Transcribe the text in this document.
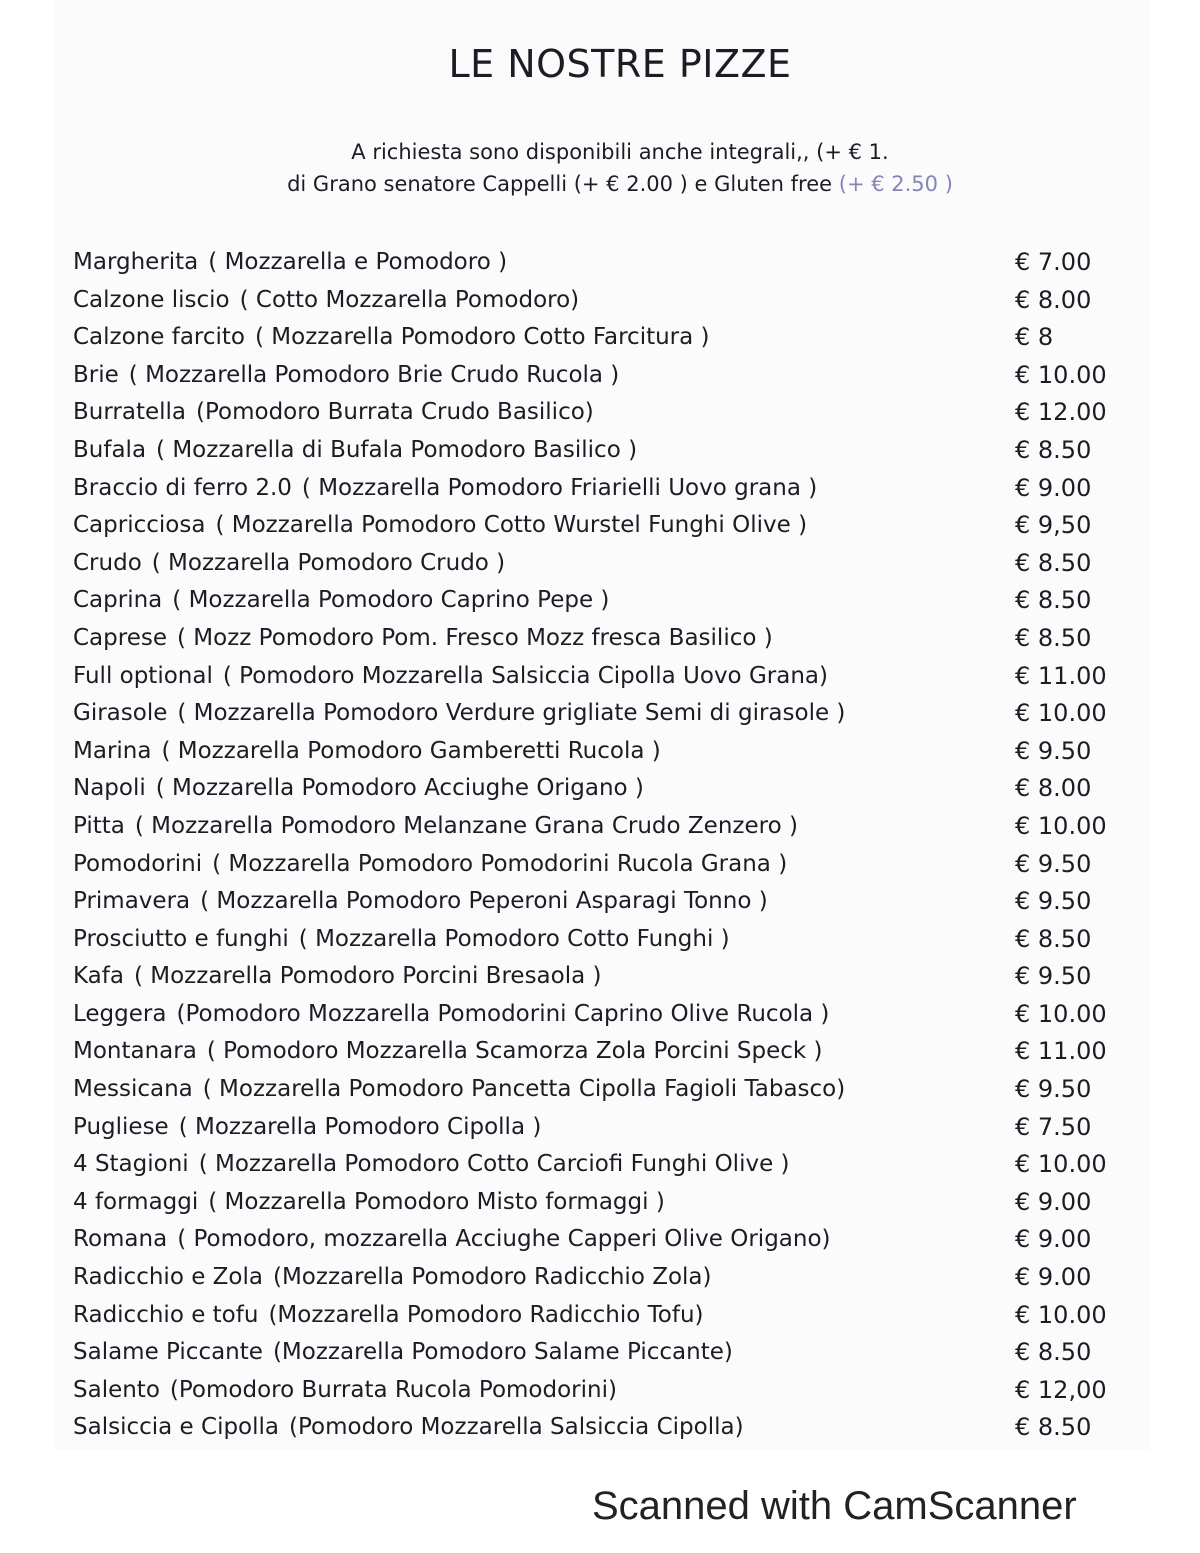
LE NOSTRE PIZZE
A richiesta sono disponibili anche integrali,, (+ € 1.
di Grano senatore Cappelli (+ € 2.00 ) e Gluten free (+ € 2.50 )
Margherita ( Mozzarella e Pomodoro )	€ 7.00
Calzone liscio ( Cotto Mozzarella Pomodoro)	€ 8.00
Calzone farcito ( Mozzarella Pomodoro Cotto Farcitura )	€ 8
Brie ( Mozzarella Pomodoro Brie Crudo Rucola )	€ 10.00
Burratella (Pomodoro Burrata Crudo Basilico)	€ 12.00
Bufala ( Mozzarella di Bufala Pomodoro Basilico )	€ 8.50
Braccio di ferro 2.0 ( Mozzarella Pomodoro Friarielli Uovo grana )	€ 9.00
Capricciosa ( Mozzarella Pomodoro Cotto Wurstel Funghi Olive )	€ 9,50
Crudo ( Mozzarella Pomodoro Crudo )	€ 8.50
Caprina ( Mozzarella Pomodoro Caprino Pepe )	€ 8.50
Caprese ( Mozz Pomodoro Pom. Fresco Mozz fresca Basilico )	€ 8.50
Full optional ( Pomodoro Mozzarella Salsiccia Cipolla Uovo Grana)	€ 11.00
Girasole ( Mozzarella Pomodoro Verdure grigliate Semi di girasole )	€ 10.00
Marina ( Mozzarella Pomodoro Gamberetti Rucola )	€ 9.50
Napoli ( Mozzarella Pomodoro Acciughe Origano )	€ 8.00
Pitta ( Mozzarella Pomodoro Melanzane Grana Crudo Zenzero )	€ 10.00
Pomodorini ( Mozzarella Pomodoro Pomodorini Rucola Grana )	€ 9.50
Primavera ( Mozzarella Pomodoro Peperoni Asparagi Tonno )	€ 9.50
Prosciutto e funghi ( Mozzarella Pomodoro Cotto Funghi )	€ 8.50
Kafa ( Mozzarella Pomodoro Porcini Bresaola )	€ 9.50
Leggera (Pomodoro Mozzarella Pomodorini Caprino Olive Rucola )	€ 10.00
Montanara ( Pomodoro Mozzarella Scamorza Zola Porcini Speck )	€ 11.00
Messicana ( Mozzarella Pomodoro Pancetta Cipolla Fagioli Tabasco)	€ 9.50
Pugliese ( Mozzarella Pomodoro Cipolla )	€ 7.50
4 Stagioni ( Mozzarella Pomodoro Cotto Carciofi Funghi Olive )	€ 10.00
4 formaggi ( Mozzarella Pomodoro Misto formaggi )	€ 9.00
Romana ( Pomodoro, mozzarella Acciughe Capperi Olive Origano)	€ 9.00
Radicchio e Zola (Mozzarella Pomodoro Radicchio Zola)	€ 9.00
Radicchio e tofu (Mozzarella Pomodoro Radicchio Tofu)	€ 10.00
Salame Piccante (Mozzarella Pomodoro Salame Piccante)	€ 8.50
Salento (Pomodoro Burrata Rucola Pomodorini)	€ 12,00
Salsiccia e Cipolla (Pomodoro Mozzarella Salsiccia Cipolla)	€ 8.50
Scanned with CamScanner
